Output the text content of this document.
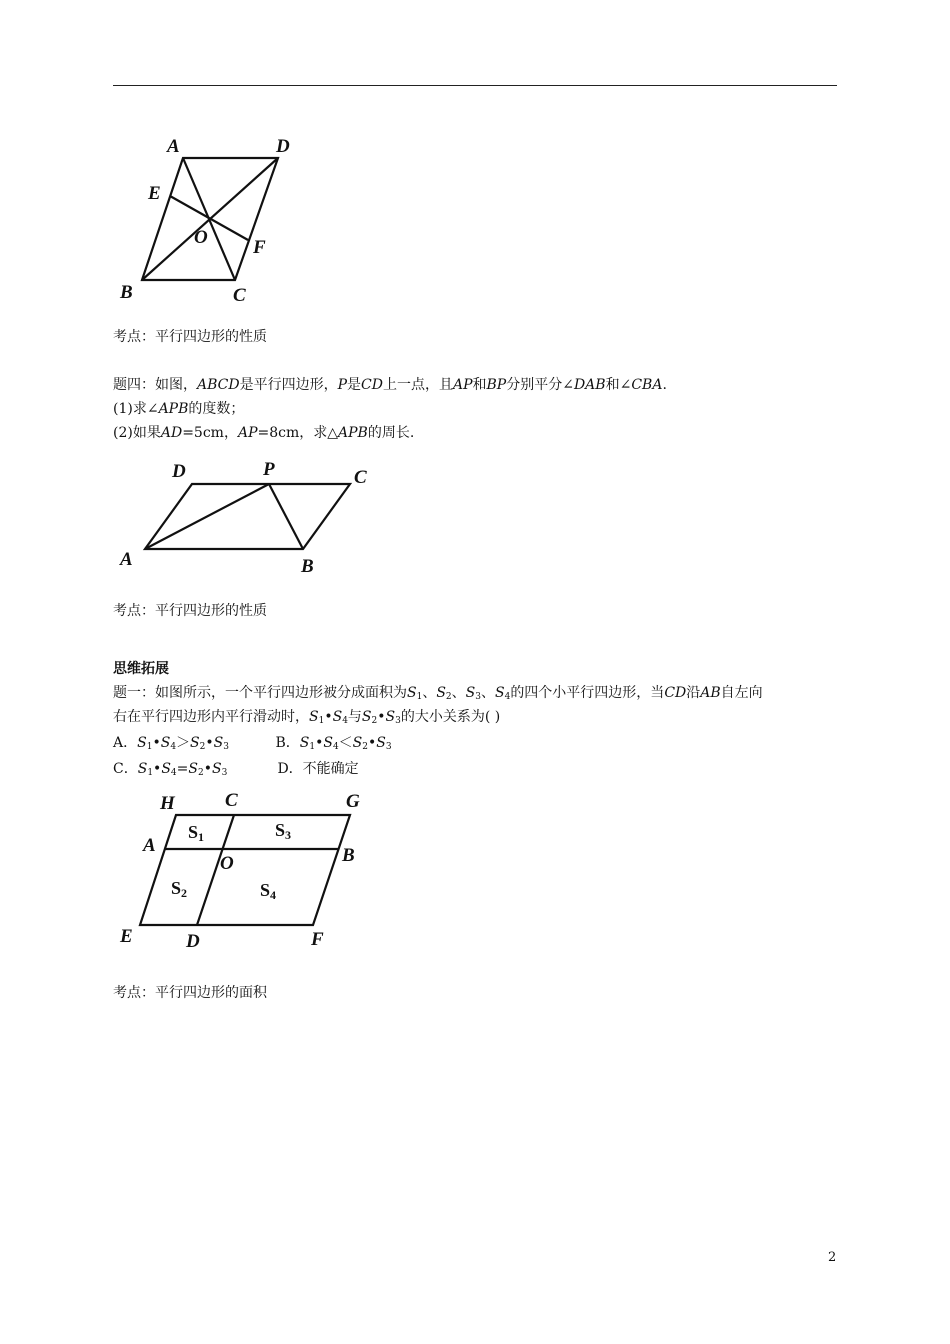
A	D
E
O F
B	C
考点：平行四边形的性质
题四：如图，ABCD是平行四边形，P是CD上一点，且AP和BP分别平分∠DAB和∠CBA.
(1)求∠APB的度数；
(2)如果AD=5cm，AP=8cm，求△APB的周长.
D	P	C
A	B
考点：平行四边形的性质
思维拓展
题一：如图所示，一个平行四边形被分成面积为$S_1$、$S_2$、$S_3$、$S_4$的四个小平行四边形，当CD沿AB自左向
右在平行四边形内平行滑动时，$S_1•S_4$与$S_2•S_3$的大小关系为( )
A．$S_1•S_4>S_2•S_3$	B．$S_1•S_4<S_2•S_3$
C．$S_1•S_4=S_2•S_3$	D．不能确定
H	C	G
A	B
O
E	D	F
S1	S3
S2	S4
考点：平行四边形的面积
2
